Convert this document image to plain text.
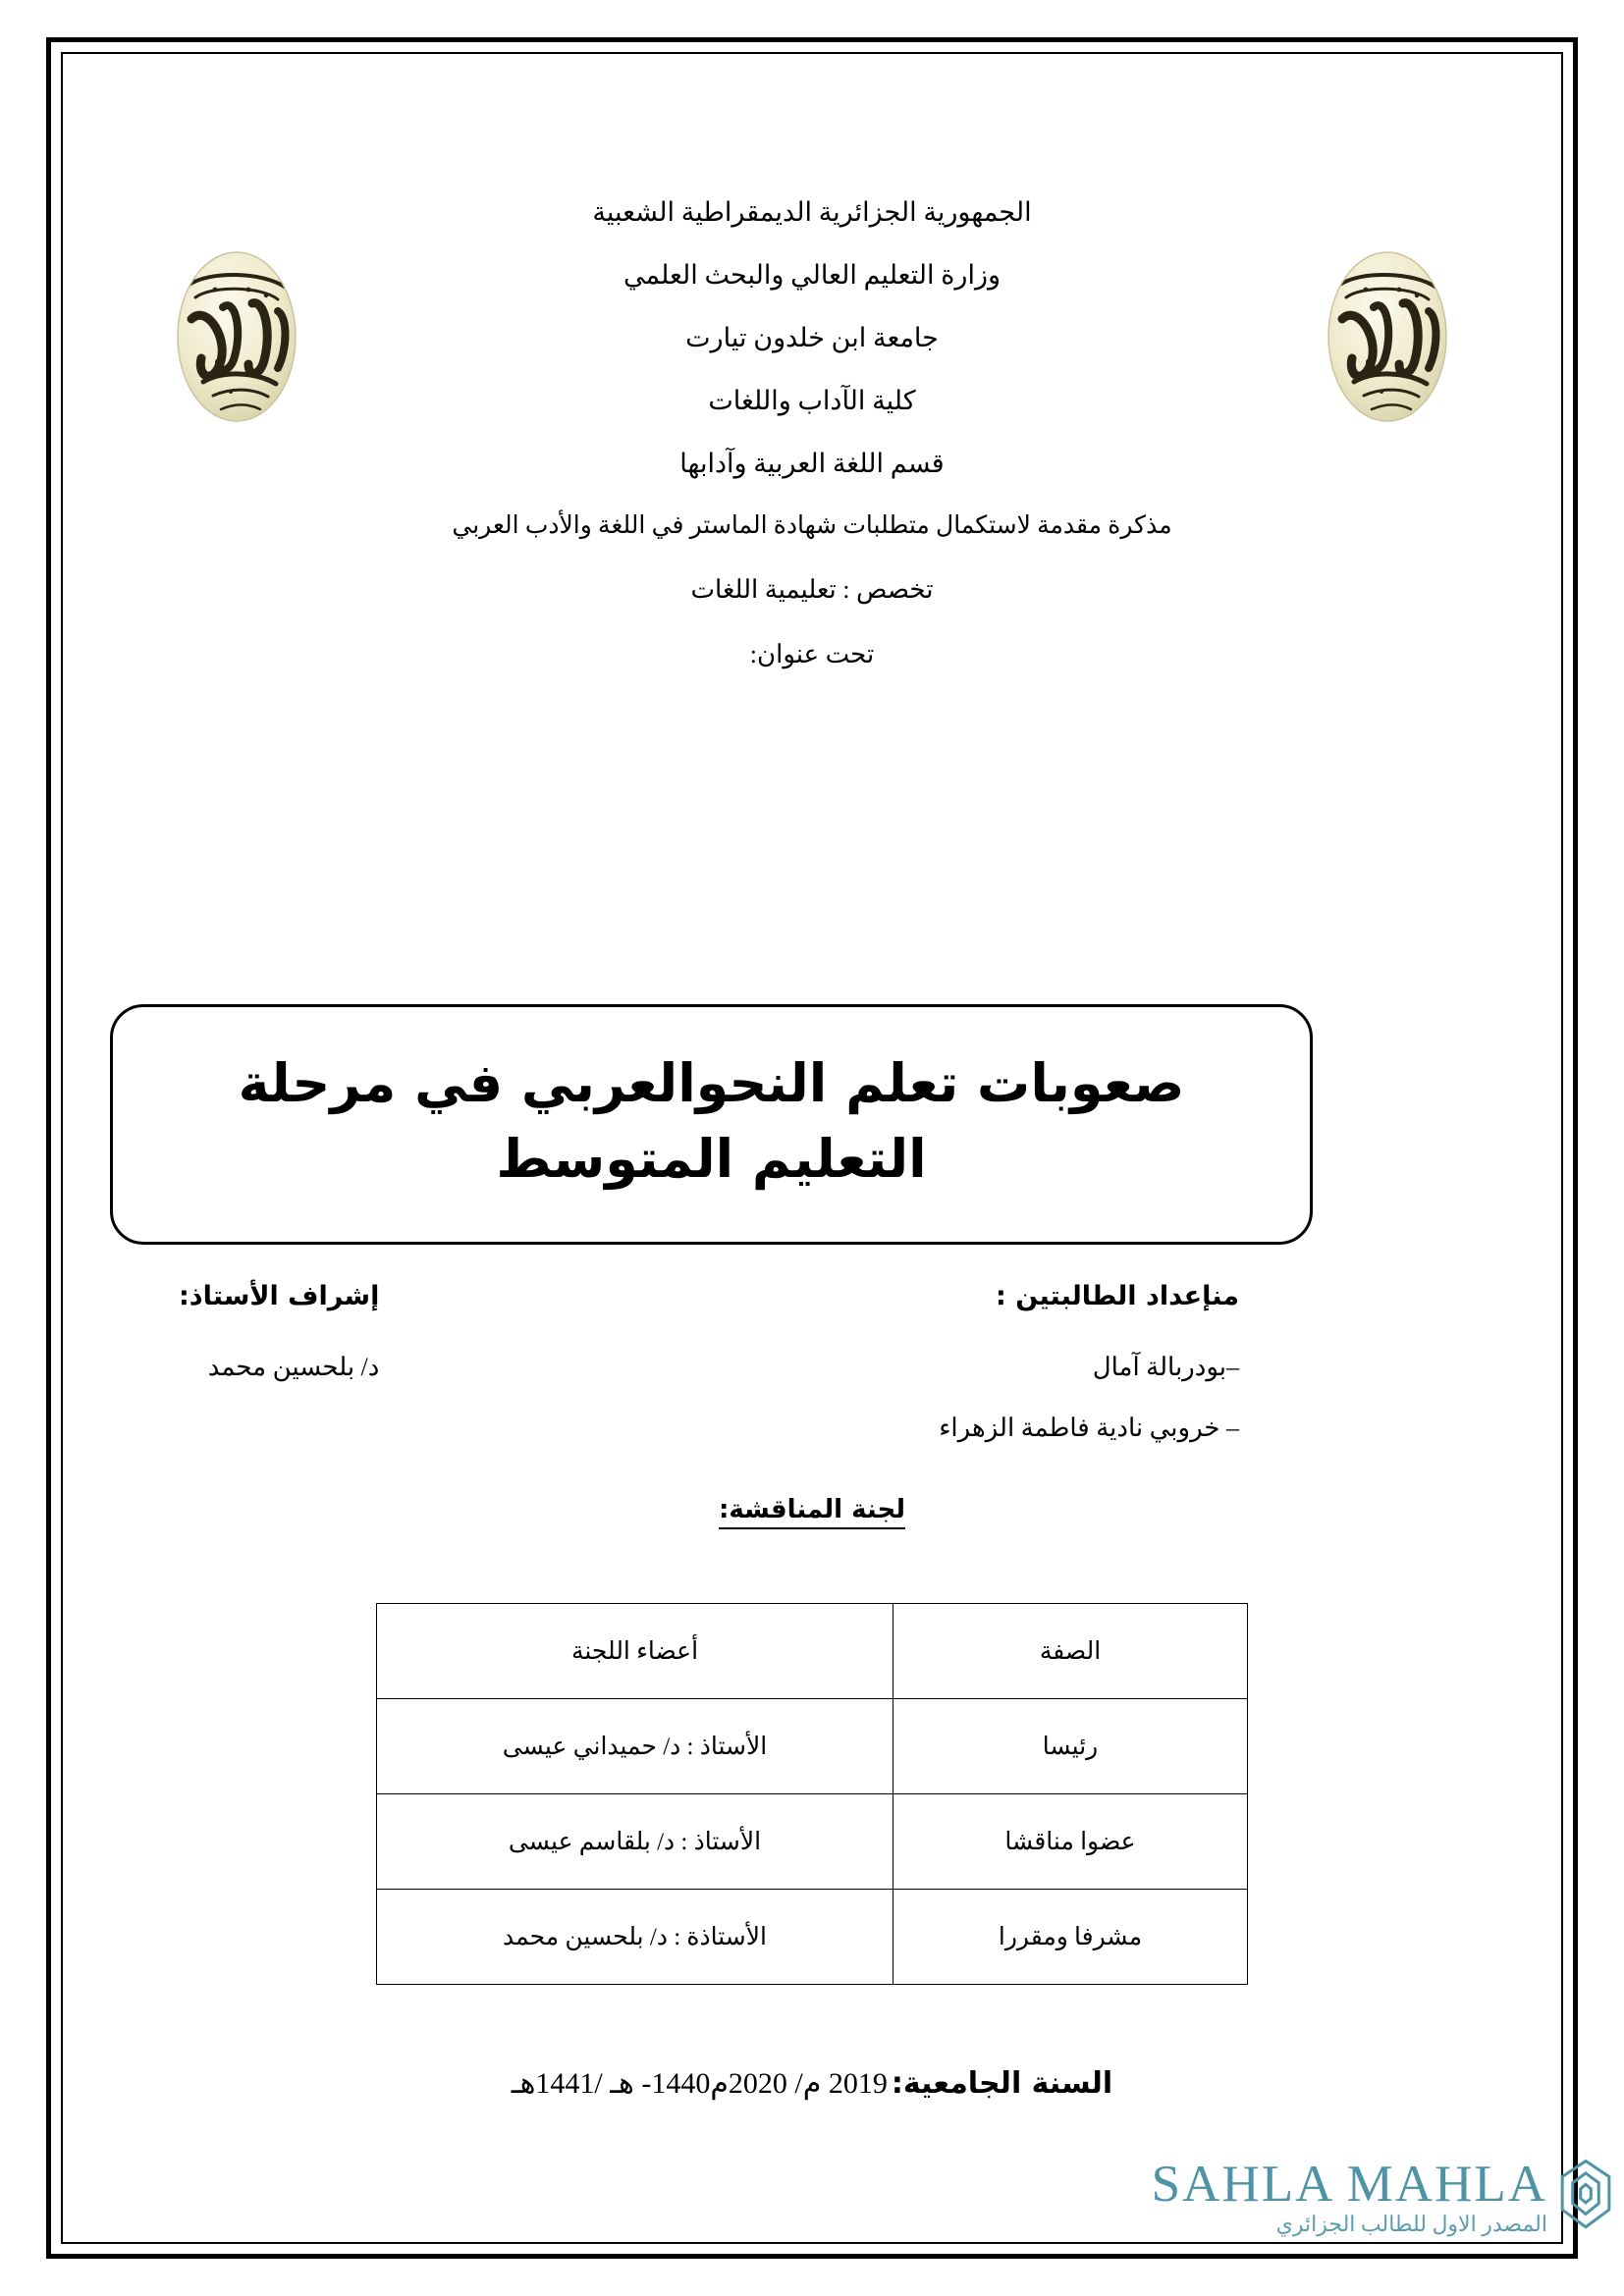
الجمهورية الجزائرية الديمقراطية الشعبية
وزارة التعليم العالي والبحث العلمي
جامعة ابن خلدون تيارت
كلية الآداب واللغات
قسم اللغة العربية وآدابها
مذكرة مقدمة لاستكمال متطلبات شهادة الماستر في اللغة والأدب العربي
تخصص : تعليمية اللغات
تحت عنوان:
صعوبات تعلم النحوالعربي في مرحلة
التعليم المتوسط
منإعداد الطالبتين :
–بودربالة آمال
– خروبي نادية فاطمة الزهراء
إشراف الأستاذ:
د/ بلحسين محمد
لجنة المناقشة:
الصفة	أعضاء اللجنة
رئيسا	الأستاذ : د/ حميداني عيسى
عضوا مناقشا	الأستاذ : د/ بلقاسم عيسى
مشرفا ومقررا	الأستاذة : د/ بلحسين محمد
السنة الجامعية: 2019 م/ 2020م1440- هـ /1441هـ
SAHLA MAHLA
المصدر الاول للطالب الجزائري
